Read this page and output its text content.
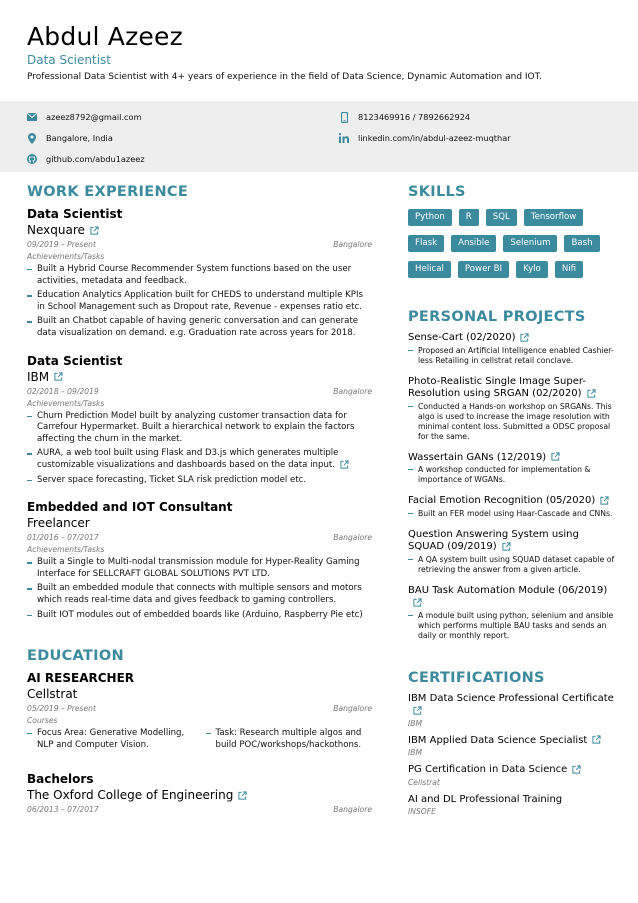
Abdul Azeez
Data Scientist
Professional Data Scientist with 4+ years of experience in the field of Data Science, Dynamic Automation and IOT.
azeez8792@gmail.com	8123469916 / 7892662924
Bangalore, India	linkedin.com/in/abdul-azeez-muqthar
github.com/abdu1azeez
WORK EXPERIENCE
Data Scientist
Nexquare
09/2019 – Present	Bangalore
Achievements/Tasks
Built a Hybrid Course Recommender System functions based on the user activities, metadata and feedback.
Education Analytics Application built for CHEDS to understand multiple KPIs in School Management such as Dropout rate, Revenue - expenses ratio etc.
Built an Chatbot capable of having generic conversation and can generate data visualization on demand. e.g. Graduation rate across years for 2018.
Data Scientist
IBM
02/2018 – 09/2019	Bangalore
Achievements/Tasks
Churn Prediction Model built by analyzing customer transaction data for Carrefour Hypermarket. Built a hierarchical network to explain the factors affecting the churn in the market.
AURA, a web tool built using Flask and D3.js which generates multiple customizable visualizations and dashboards based on the data input.
Server space forecasting, Ticket SLA risk prediction model etc.
Embedded and IOT Consultant
Freelancer
01/2016 – 07/2017	Bangalore
Achievements/Tasks
Built a Single to Multi-nodal transmission module for Hyper-Reality Gaming Interface for SELLCRAFT GLOBAL SOLUTIONS PVT LTD.
Built an embedded module that connects with multiple sensors and motors which reads real-time data and gives feedback to gaming controllers.
Built IOT modules out of embedded boards like (Arduino, Raspberry Pie etc)
EDUCATION
AI RESEARCHER
Cellstrat
05/2019 – Present	Bangalore
Courses
Focus Area: Generative Modelling, NLP and Computer Vision.
Task: Research multiple algos and build POC/workshops/hackothons.
Bachelors
The Oxford College of Engineering
06/2013 – 07/2017	Bangalore
SKILLS
Python	R	SQL	Tensorflow
Flask	Ansible	Selenium	Bash
Helical	Power BI	Kylo	Nifi
PERSONAL PROJECTS
Sense-Cart (02/2020)
Proposed an Artificial Intelligence enabled Cashier-less Retailing in cellstrat retail conclave.
Photo-Realistic Single Image Super-Resolution using SRGAN (02/2020)
Conducted a Hands-on workshop on SRGANs. This algo is used to increase the image resolution with minimal content loss. Submitted a ODSC proposal for the same.
Wassertain GANs (12/2019)
A workshop conducted for implementation & importance of WGANs.
Facial Emotion Recognition (05/2020)
Built an FER model using Haar-Cascade and CNNs.
Question Answering System using SQUAD (09/2019)
A QA system built using SQUAD dataset capable of retrieving the answer from a given article.
BAU Task Automation Module (06/2019)
A module built using python, selenium and ansible which performs multiple BAU tasks and sends an daily or monthly report.
CERTIFICATIONS
IBM Data Science Professional Certificate
IBM
IBM Applied Data Science Specialist
IBM
PG Certification in Data Science
Cellstrat
AI and DL Professional Training
INSOFE
